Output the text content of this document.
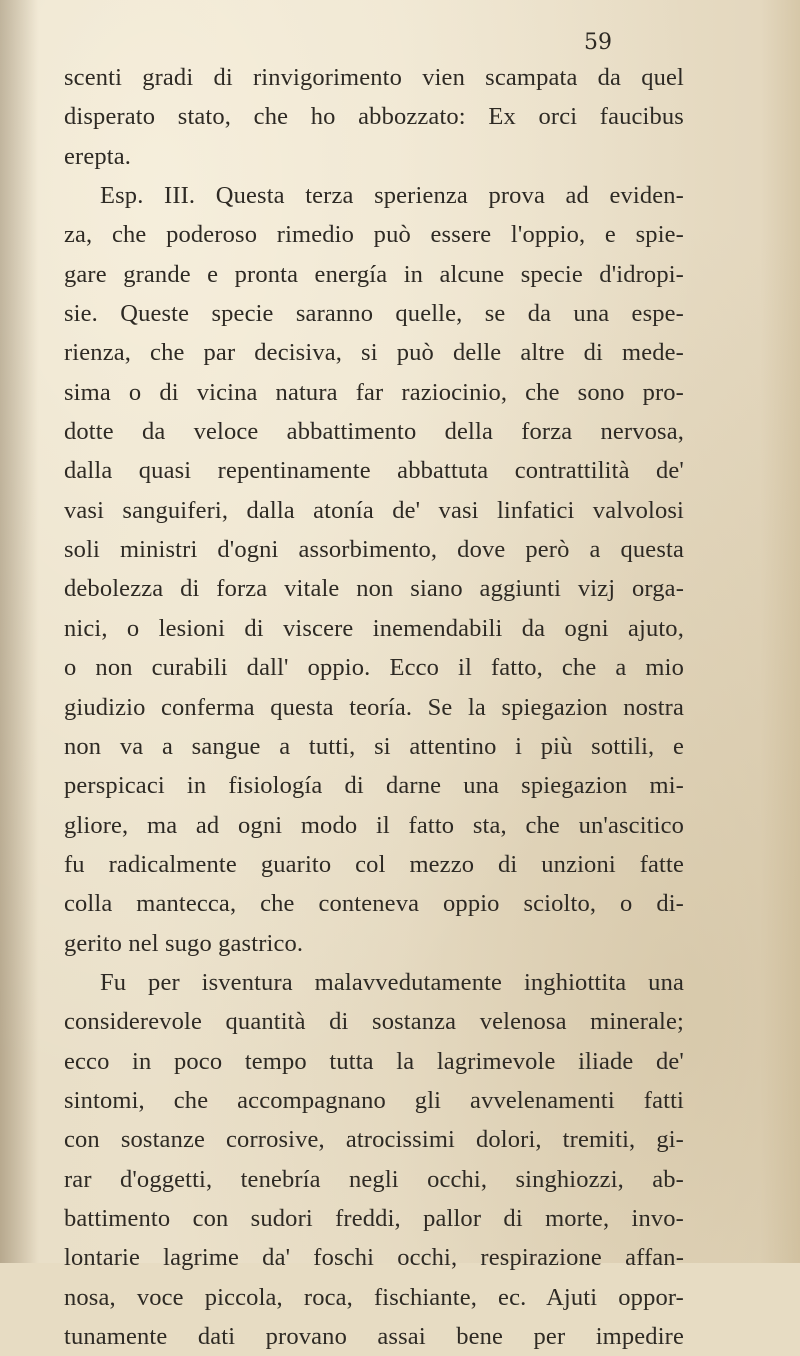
59
scenti gradi di rinvigorimento vien scampata da quel
disperato stato, che ho abbozzato: Ex orci faucibus
erepta.
Esp. III. Questa terza sperienza prova ad eviden-
za, che poderoso rimedio può essere l'oppio, e spie-
gare grande e pronta energía in alcune specie d'idropi-
sie. Queste specie saranno quelle, se da una espe-
rienza, che par decisiva, si può delle altre di mede-
sima o di vicina natura far raziocinio, che sono pro-
dotte da veloce abbattimento della forza nervosa,
dalla quasi repentinamente abbattuta contrattilità de'
vasi sanguiferi, dalla atonía de' vasi linfatici valvolosi
soli ministri d'ogni assorbimento, dove però a questa
debolezza di forza vitale non siano aggiunti vizj orga-
nici, o lesioni di viscere inemendabili da ogni ajuto,
o non curabili dall' oppio. Ecco il fatto, che a mio
giudizio conferma questa teoría. Se la spiegazion nostra
non va a sangue a tutti, si attentino i più sottili, e
perspicaci in fisiología di darne una spiegazion mi-
gliore, ma ad ogni modo il fatto sta, che un'ascitico
fu radicalmente guarito col mezzo di unzioni fatte
colla mantecca, che conteneva oppio sciolto, o di-
gerito nel sugo gastrico.
Fu per isventura malavvedutamente inghiottita una
considerevole quantità di sostanza velenosa minerale;
ecco in poco tempo tutta la lagrimevole iliade de'
sintomi, che accompagnano gli avvelenamenti fatti
con sostanze corrosive, atrocissimi dolori, tremiti, gi-
rar d'oggetti, tenebría negli occhi, singhiozzi, ab-
battimento con sudori freddi, pallor di morte, invo-
lontarie lagrime da' foschi occhi, respirazione affan-
nosa, voce piccola, roca, fischiante, ec. Ajuti oppor-
tunamente dati provano assai bene per impedire
